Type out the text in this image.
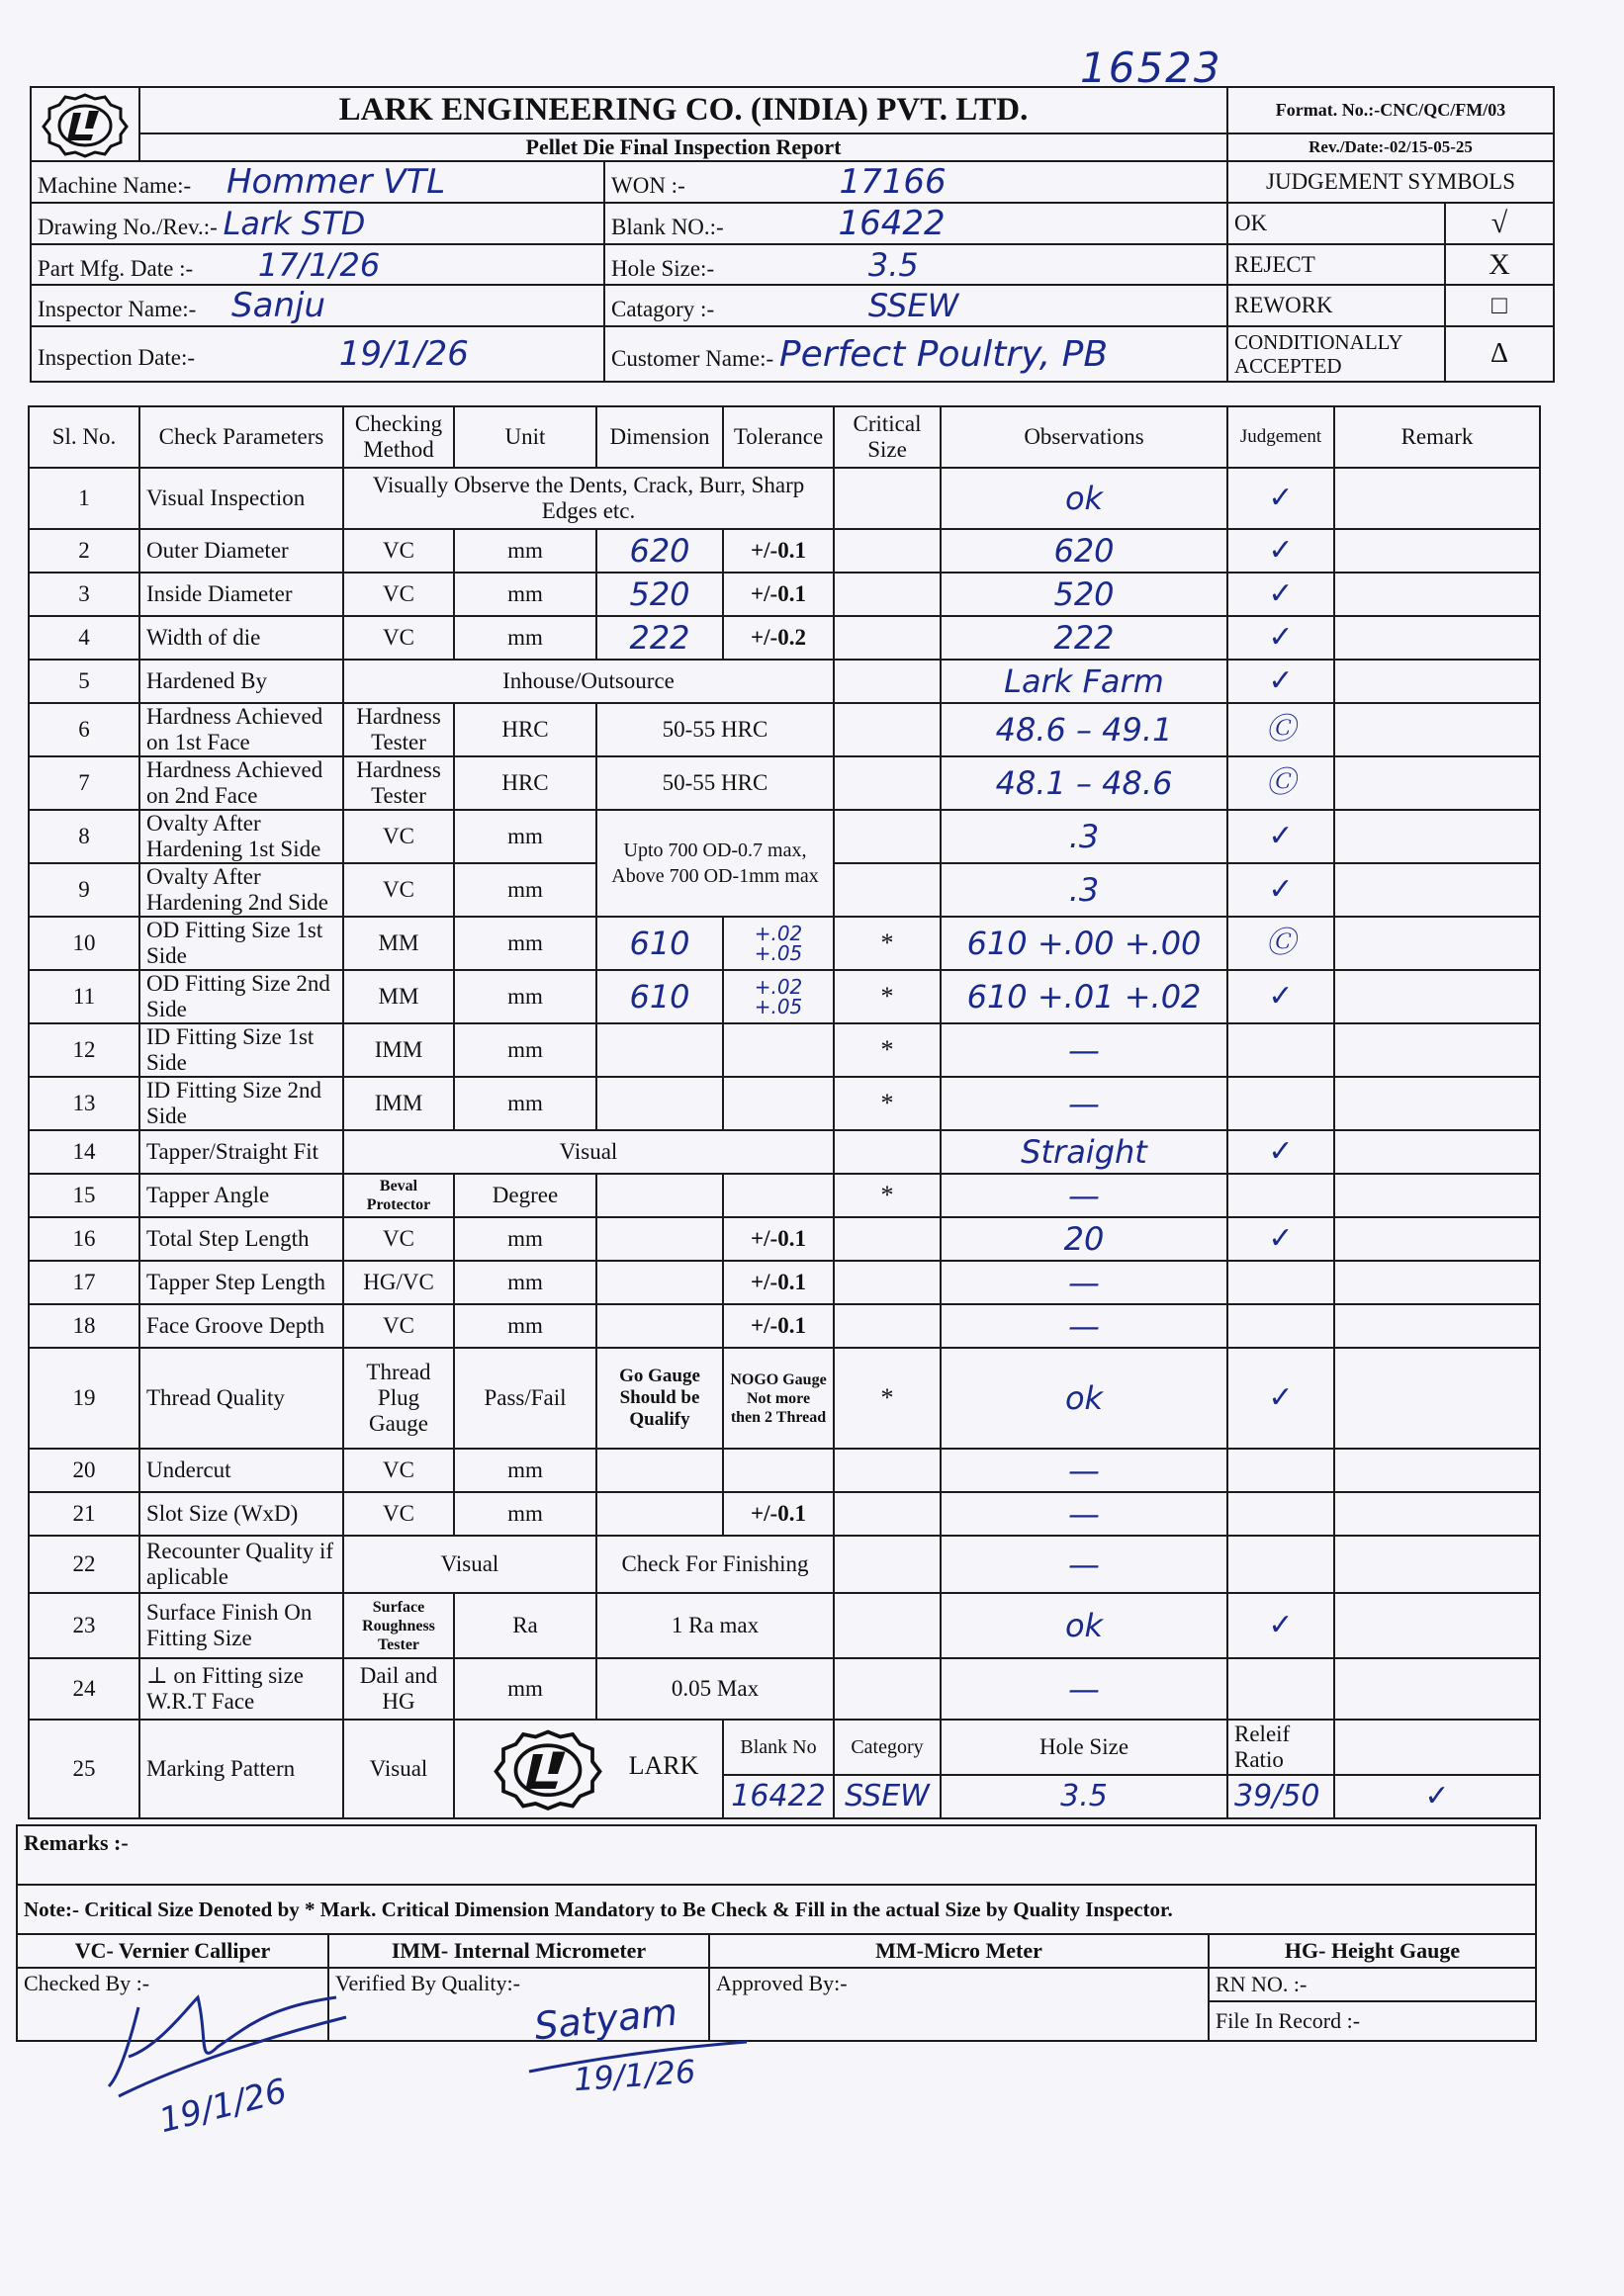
16523
	LARK ENGINEERING CO. (INDIA) PVT. LTD.	Format. No.:-CNC/QC/FM/03
	Pellet Die Final Inspection Report	Rev./Date:-02/15-05-25
Machine Name:- Hommer VTL	WON :- 17166	JUDGEMENT SYMBOLS	
Drawing No./Rev.:- Lark STD	Blank NO.:- 16422	OK	√
Part Mfg. Date :- 17/1/26	Hole Size:- 3.5	REJECT	X
Inspector Name:- Sanju	Catagory :- SSEW	REWORK	□
Inspection Date:- 19/1/26	Customer Name:- Perfect Poultry, PB	CONDITIONALLY ACCEPTED	Δ
Sl. No.	Check Parameters	Checking Method	Unit	Dimension	Tolerance	Critical Size	Observations	Judgement	Remark	
1	Visual Inspection	Visually Observe the Dents, Crack, Burr, Sharp Edges etc.					ok	✓		
2	Outer Diameter	VC	mm	620	+/-0.1		620	✓		
3	Inside Diameter	VC	mm	520	+/-0.1		520	✓		
4	Width of die	VC	mm	222	+/-0.2		222	✓		
5	Hardened By	Inhouse/Outsource					Lark Farm	✓		
6	Hardness Achieved on 1st Face	Hardness Tester	HRC	50-55 HRC			48.6 – 49.1	Ⓒ		
7	Hardness Achieved on 2nd Face	Hardness Tester	HRC	50-55 HRC			48.1 – 48.6	Ⓒ		
8	Ovalty After Hardening 1st Side	VC	mm	Upto 700 OD-0.7 max, Above 700 OD-1mm max			.3	✓		
9	Ovalty After Hardening 2nd Side	VC	mm				.3	✓		
10	OD Fitting Size 1st Side	MM	mm	610	+.02 +.05	*	610 +.00 +.00	Ⓒ		
11	OD Fitting Size 2nd Side	MM	mm	610	+.02 +.05	*	610 +.01 +.02	✓		
12	ID Fitting Size 1st Side	IMM	mm			*	—			
13	ID Fitting Size 2nd Side	IMM	mm			*	—			
14	Tapper/Straight Fit	Visual					Straight	✓		
15	Tapper Angle	Beval Protector	Degree			*	—			
16	Total Step Length	VC	mm		+/-0.1		20	✓		
17	Tapper Step Length	HG/VC	mm		+/-0.1		—			
18	Face Groove Depth	VC	mm		+/-0.1		—			
19	Thread Quality	Thread Plug Gauge	Pass/Fail	Go Gauge Should be Qualify	NOGO Gauge Not more then 2 Thread	*	ok	✓		
20	Undercut	VC	mm				—			
21	Slot Size (WxD)	VC	mm		+/-0.1		—			
22	Recounter Quality if aplicable	Visual		Check For Finishing			—			
23	Surface Finish On Fitting Size	Surface Roughness Tester	Ra	1 Ra max			ok	✓		
24	⊥ on Fitting size W.R.T Face	Dail and HG	mm	0.05 Max			—			
25	Marking Pattern	Visual	LARK		Blank No	Category	Hole Size	Releif Ratio		
					16422	SSEW	3.5	39/50	✓	
Remarks :-			
Note:- Critical Size Denoted by * Mark. Critical Dimension Mandatory to Be Check & Fill in the actual Size by Quality Inspector.			
VC- Vernier Calliper	IMM- Internal Micrometer	MM-Micro Meter	HG- Height Gauge
Checked By :-	Verified By Quality:-	Approved By:-	RN NO. :-
			File In Record :-
19/1/26
Satyam
19/1/26
